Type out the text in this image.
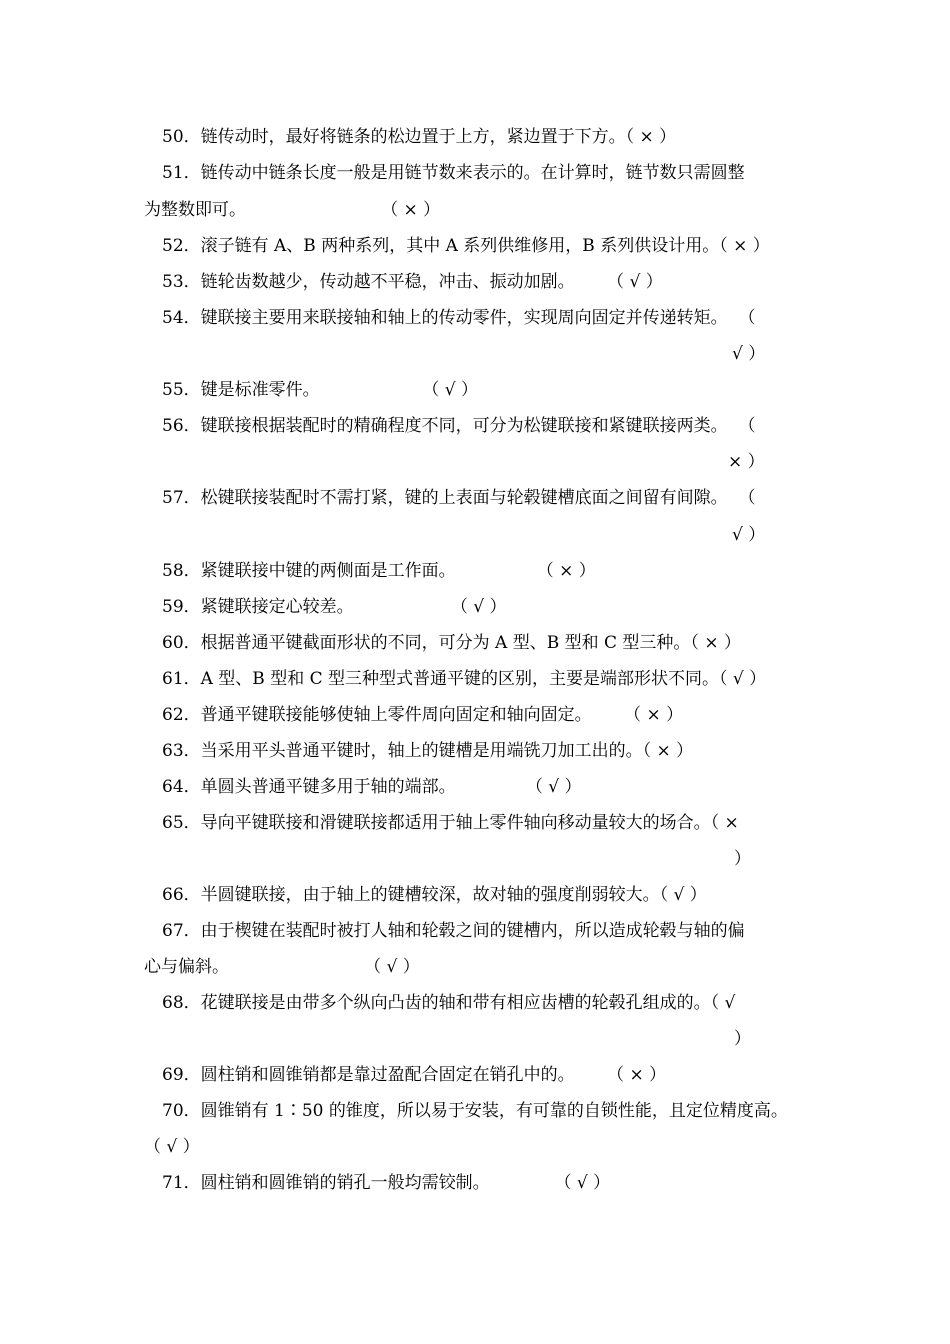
50．链传动时，最好将链条的松边置于上方，紧边置于下方。（ × ）
51．链传动中链条长度一般是用链节数来表示的。在计算时，链节数只需圆整
为整数即可。                         （ × ）
52．滚子链有 A、B 两种系列，其中 A 系列供维修用，B 系列供设计用。（ × ）
53．链轮齿数越少，传动越不平稳，冲击、振动加剧。      （ √ ）
54．键联接主要用来联接轴和轴上的传动零件，实现周向固定并传递转矩。  （
√ ）
55．键是标准零件。                   （ √ ）
56．键联接根据装配时的精确程度不同，可分为松键联接和紧键联接两类。  （
× ）
57．松键联接装配时不需打紧，键的上表面与轮毂键槽底面之间留有间隙。  （
√ ）
58．紧键联接中键的两侧面是工作面。               （ × ）
59．紧键联接定心较差。                  （ √ ）
60．根据普通平键截面形状的不同，可分为 A 型、B 型和 C 型三种。（ × ）
61．A 型、B 型和 C 型三种型式普通平键的区别，主要是端部形状不同。（ √ ）
62．普通平键联接能够使轴上零件周向固定和轴向固定。      （ × ）
63．当采用平头普通平键时，轴上的键槽是用端铣刀加工出的。（ × ）
64．单圆头普通平键多用于轴的端部。             （ √ ）
65．导向平键联接和滑键联接都适用于轴上零件轴向移动量较大的场合。（ ×
）
66．半圆键联接，由于轴上的键槽较深，故对轴的强度削弱较大。（ √ ）
67．由于楔键在装配时被打人轴和轮毂之间的键槽内，所以造成轮毂与轴的偏
心与偏斜。                         （ √ ）
68．花键联接是由带多个纵向凸齿的轴和带有相应齿槽的轮毂孔组成的。（ √
）
69．圆柱销和圆锥销都是靠过盈配合固定在销孔中的。      （ × ）
70．圆锥销有 1∶50 的锥度，所以易于安装，有可靠的自锁性能，且定位精度高。
（ √ ）
71．圆柱销和圆锥销的销孔一般均需铰制。            （ √ ）
